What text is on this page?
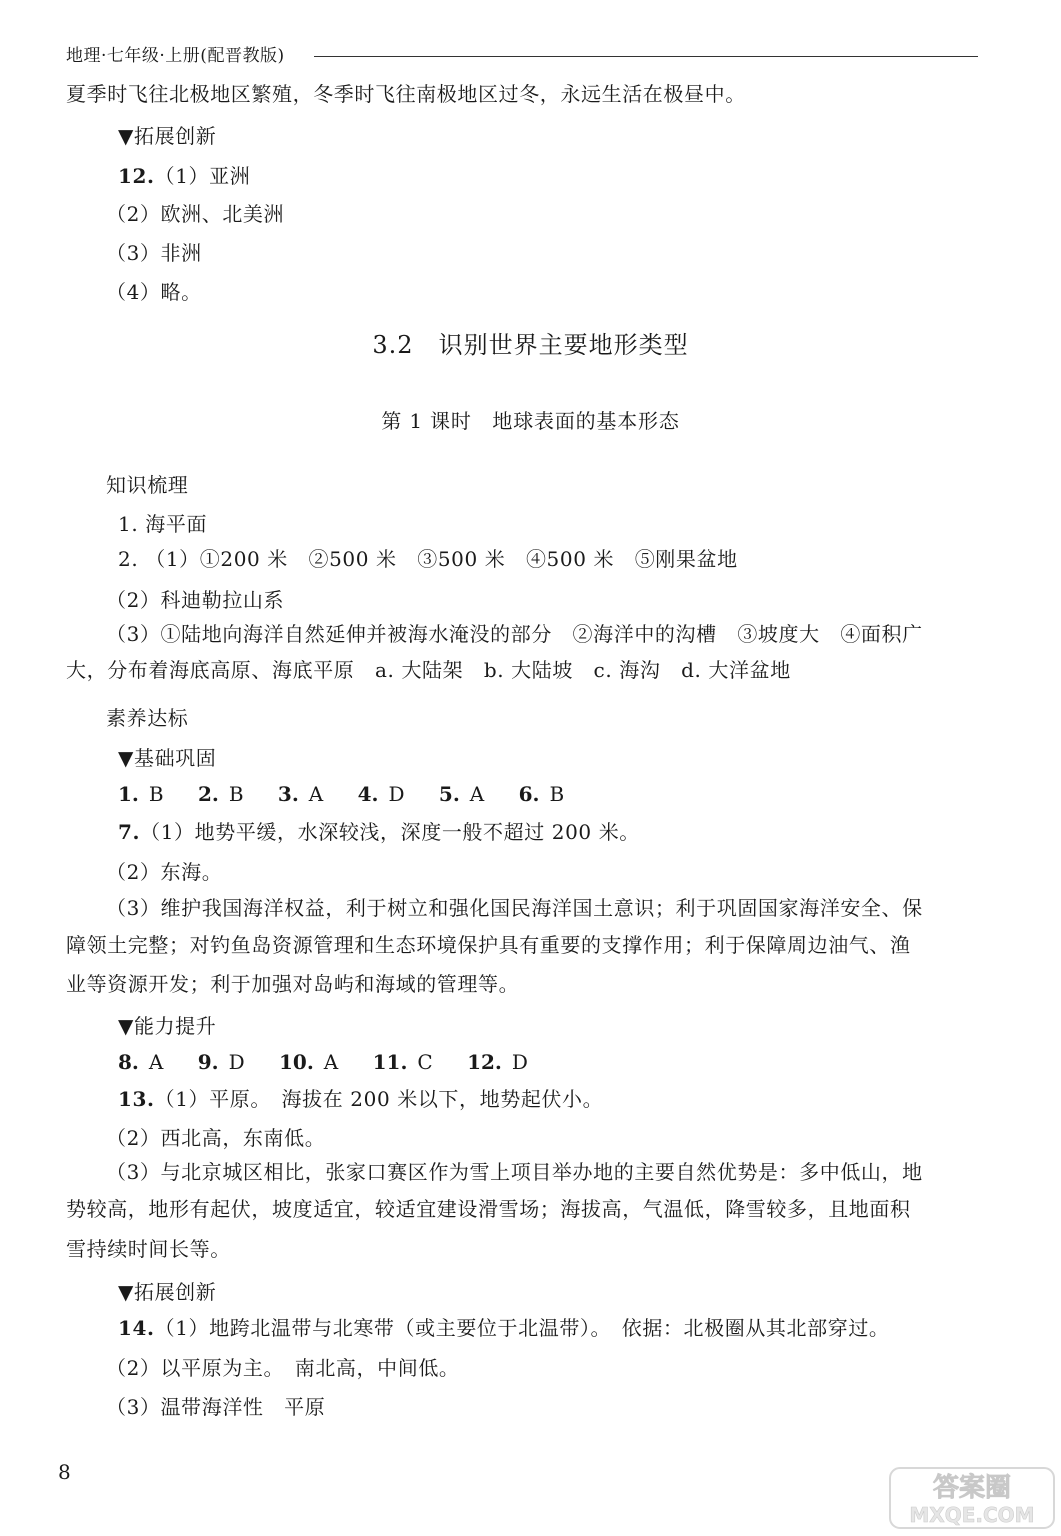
地理·七年级·上册(配晋教版)
夏季时飞往北极地区繁殖，冬季时飞往南极地区过冬，永远生活在极昼中。
▼拓展创新
12.（1）亚洲
（2）欧洲、北美洲
（3）非洲
（4）略。
3.2　识别世界主要地形类型
第 1 课时　地球表面的基本形态
知识梳理
1. 海平面
2. （1）①200 米　②500 米　③500 米　④500 米　⑤刚果盆地
（2）科迪勒拉山系
（3）①陆地向海洋自然延伸并被海水淹没的部分　②海洋中的沟槽　③坡度大　④面积广
大，分布着海底高原、海底平原　a. 大陆架　b. 大陆坡　c. 海沟　d. 大洋盆地
素养达标
▼基础巩固
1. B 2. B 3. A 4. D 5. A 6. B
7.（1）地势平缓，水深较浅，深度一般不超过 200 米。
（2）东海。
（3）维护我国海洋权益，利于树立和强化国民海洋国土意识；利于巩固国家海洋安全、保
障领土完整；对钓鱼岛资源管理和生态环境保护具有重要的支撑作用；利于保障周边油气、渔
业等资源开发；利于加强对岛屿和海域的管理等。
▼能力提升
8. A 9. D 10. A 11. C 12. D
13.（1）平原。　海拔在 200 米以下，地势起伏小。
（2）西北高，东南低。
（3）与北京城区相比，张家口赛区作为雪上项目举办地的主要自然优势是：多中低山，地
势较高，地形有起伏，坡度适宜，较适宜建设滑雪场；海拔高，气温低，降雪较多，且地面积
雪持续时间长等。
▼拓展创新
14.（1）地跨北温带与北寒带（或主要位于北温带）。　依据：北极圈从其北部穿过。
（2）以平原为主。　南北高，中间低。
（3）温带海洋性　平原
8
答案圈
MXQE.COM
